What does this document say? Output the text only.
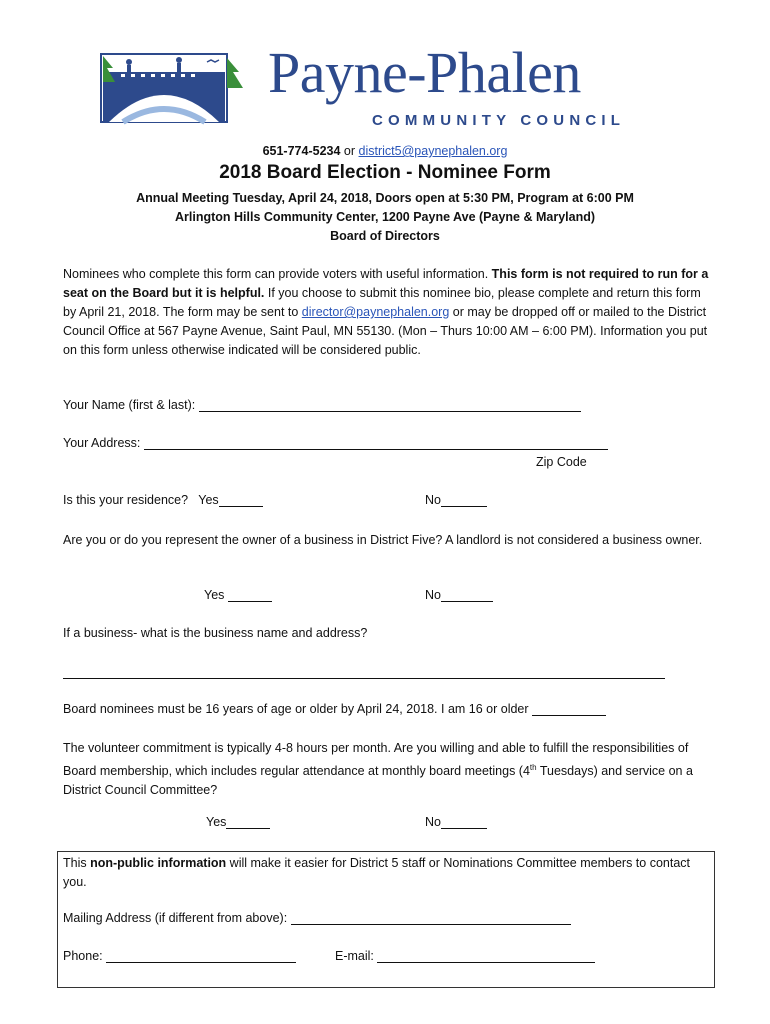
Payne-Phalen
COMMUNITY COUNCIL
651-774-5234 or district5@paynephalen.org
2018 Board Election - Nominee Form
Annual Meeting Tuesday, April 24, 2018, Doors open at 5:30 PM, Program at 6:00 PM
Arlington Hills Community Center, 1200 Payne Ave (Payne & Maryland)
Board of Directors
Nominees who complete this form can provide voters with useful information. This form is not required to run for a seat on the Board but it is helpful. If you choose to submit this nominee bio, please complete and return this form by April 21, 2018. The form may be sent to director@paynephalen.org or may be dropped off or mailed to the District Council Office at 567 Payne Avenue, Saint Paul, MN 55130. (Mon – Thurs 10:00 AM – 6:00 PM). Information you put on this form unless otherwise indicated will be considered public.
Your Name (first & last):
Your Address:
Zip Code
Is this your residence? Yes	No
Are you or do you represent the owner of a business in District Five? A landlord is not considered a business owner.
Yes	No
If a business- what is the business name and address?
Board nominees must be 16 years of age or older by April 24, 2018. I am 16 or older
The volunteer commitment is typically 4-8 hours per month. Are you willing and able to fulfill the responsibilities of Board membership, which includes regular attendance at monthly board meetings (4th Tuesdays) and service on a District Council Committee?
Yes	No
This non-public information will make it easier for District 5 staff or Nominations Committee members to contact you.
Mailing Address (if different from above):
Phone:	E-mail:
